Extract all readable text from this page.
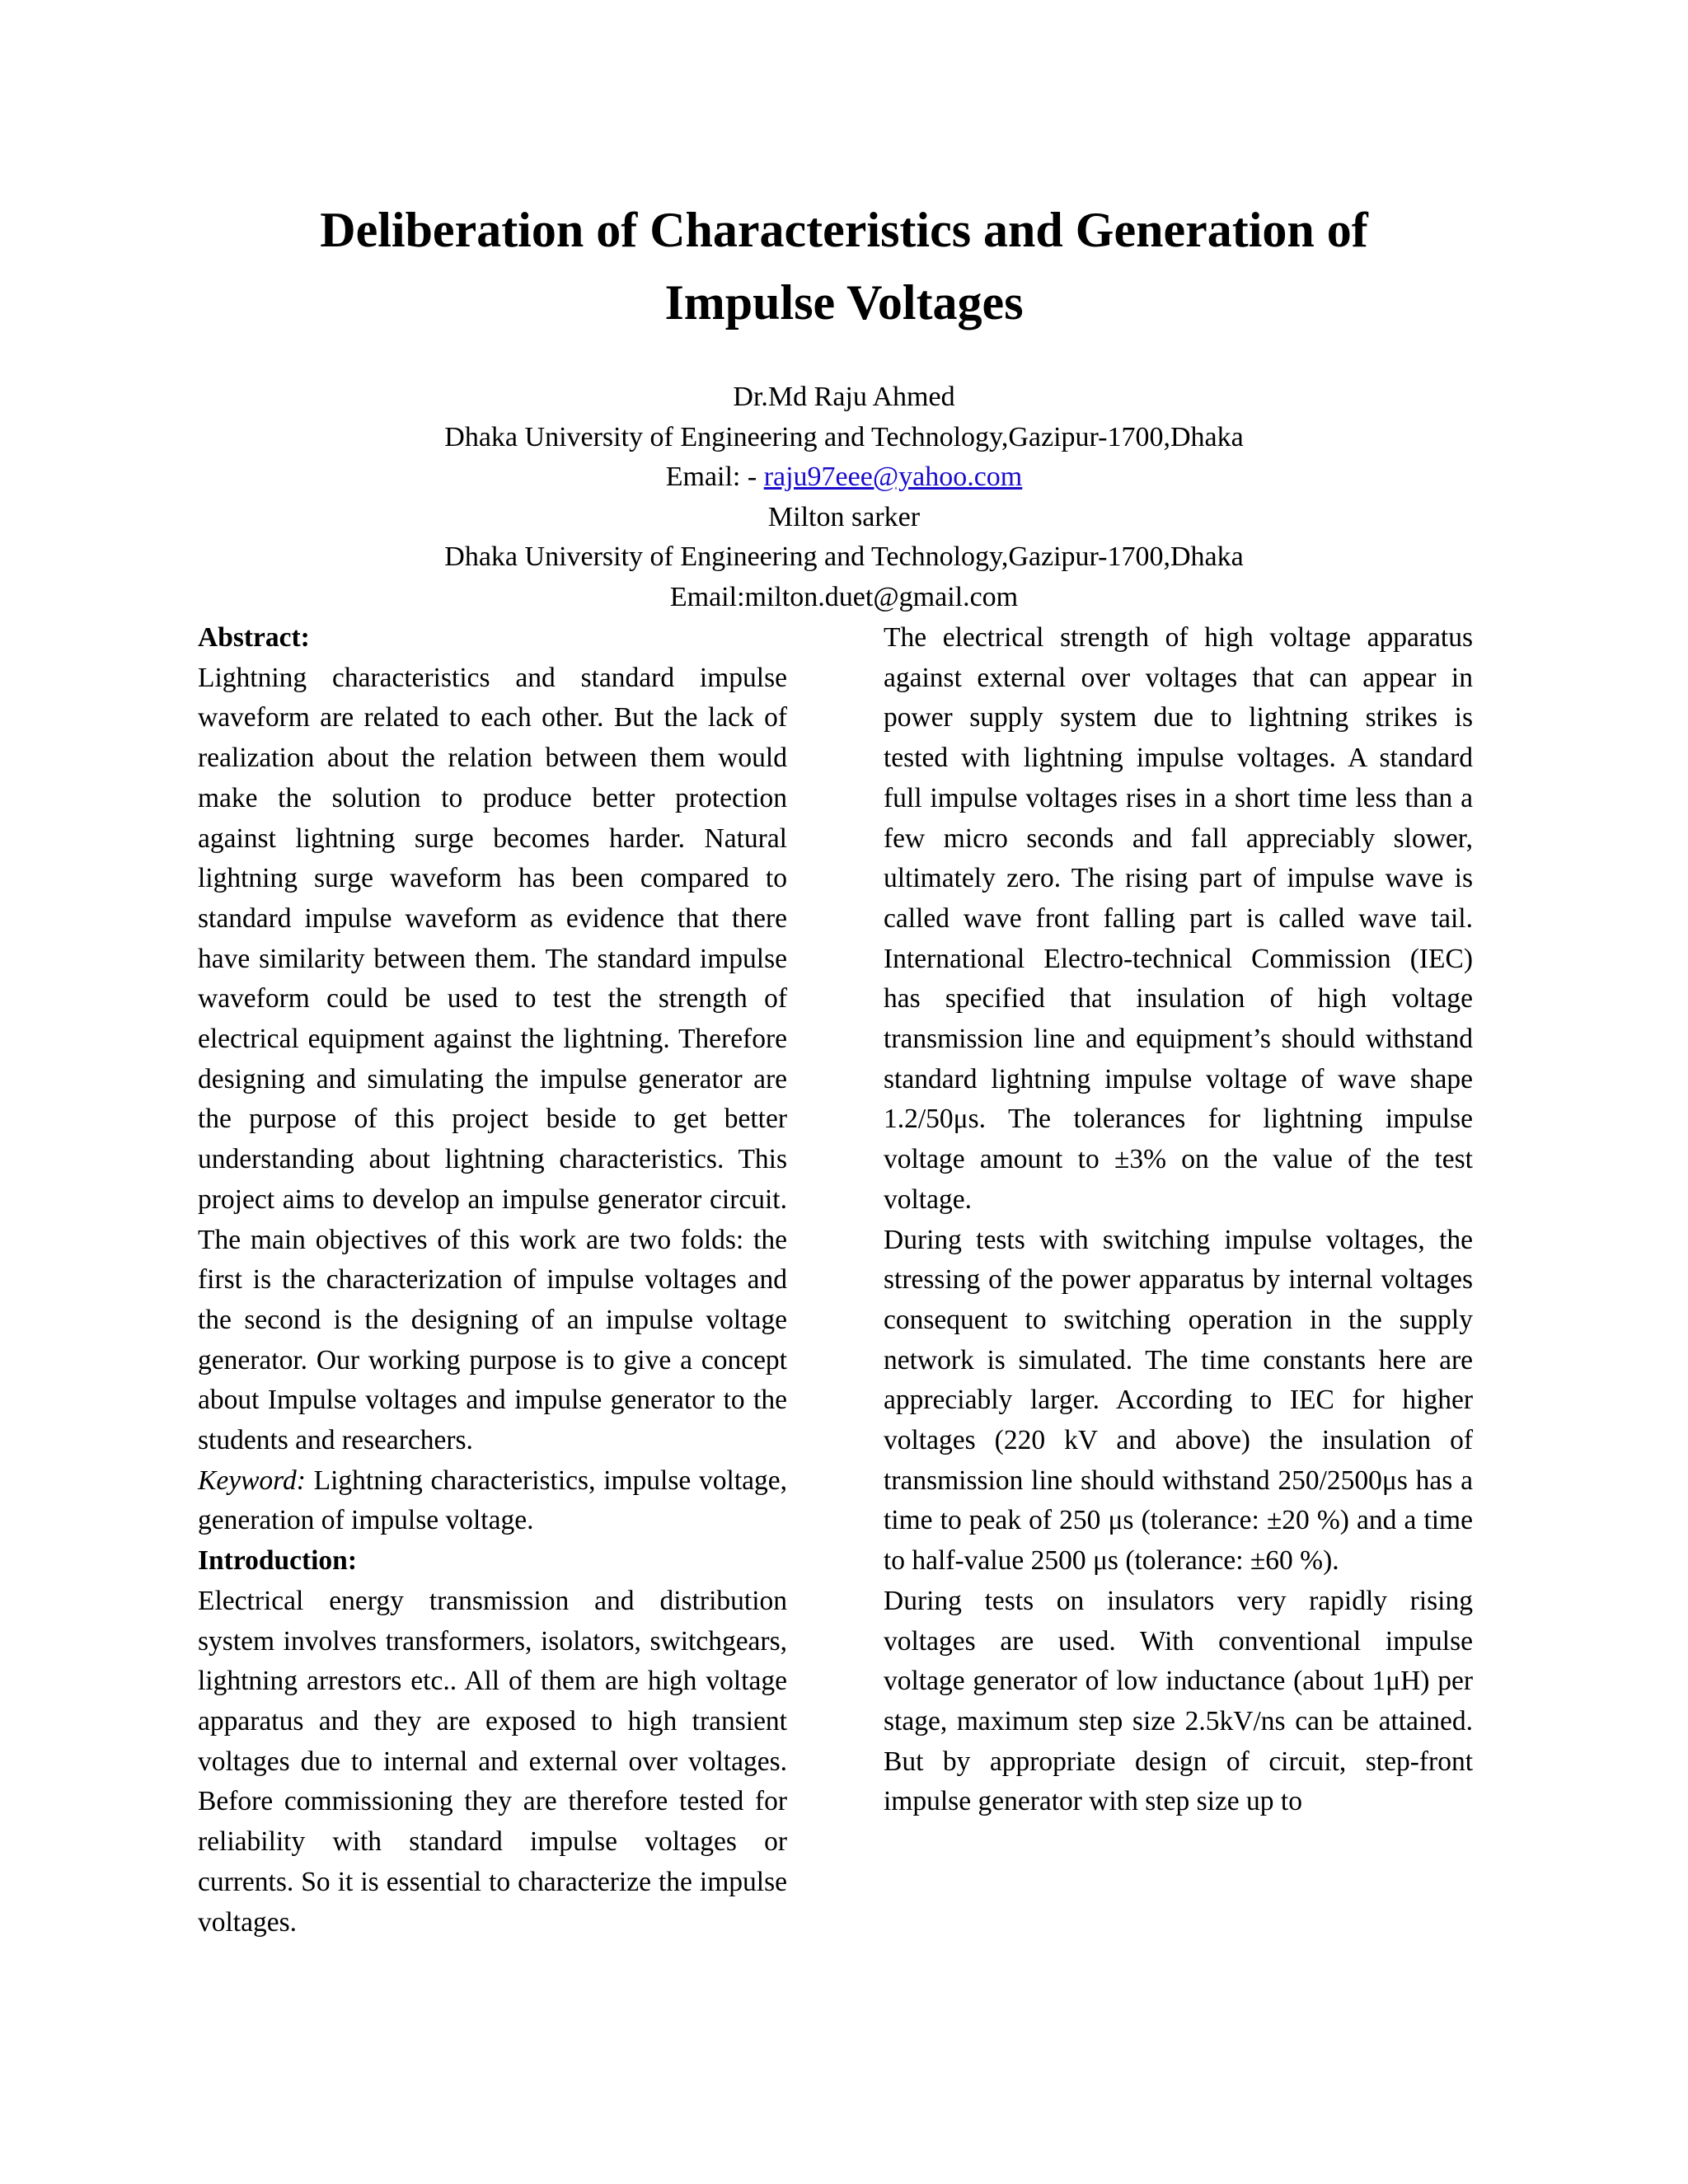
Deliberation of Characteristics and Generation of
Impulse Voltages
Dr.Md Raju Ahmed
Dhaka University of Engineering and Technology,Gazipur-1700,Dhaka
Email: - raju97eee@yahoo.com
Milton sarker
Dhaka University of Engineering and Technology,Gazipur-1700,Dhaka
Email:milton.duet@gmail.com

Abstract:

Lightning characteristics and standard impulse waveform are related to each other. But the lack of realization about the relation between them would make the solution to produce better protection against lightning surge becomes harder. Natural lightning surge waveform has been compared to standard impulse waveform as evidence that there have similarity between them. The standard impulse waveform could be used to test the strength of electrical equipment against the lightning. Therefore designing and simulating the impulse generator are the purpose of this project beside to get better understanding about lightning characteristics. This project aims to develop an impulse generator circuit. The main objectives of this work are two folds: the first is the characterization of impulse voltages and the second is the designing of an impulse voltage generator. Our working purpose is to give a concept about Impulse voltages and impulse generator to the students and researchers.

Keyword: Lightning characteristics, impulse voltage, generation of impulse voltage.

Introduction:

Electrical energy transmission and distribution system involves transformers, isolators, switchgears, lightning arrestors etc.. All of them are high voltage apparatus and they are exposed to high transient voltages due to internal and external over voltages. Before commissioning they are therefore tested for reliability with standard impulse voltages or currents. So it is essential to characterize the impulse voltages.

The electrical strength of high voltage apparatus against external over voltages that can appear in power supply system due to lightning strikes is tested with lightning impulse voltages. A standard full impulse voltages rises in a short time less than a few micro seconds and fall appreciably slower, ultimately zero. The rising part of impulse wave is called wave front falling part is called wave tail. International Electro-technical Commission (IEC) has specified that insulation of high voltage transmission line and equipment’s should withstand standard lightning impulse voltage of wave shape 1.2/50μs. The tolerances for lightning impulse voltage amount to ±3% on the value of the test voltage.

During tests with switching impulse voltages, the stressing of the power apparatus by internal voltages consequent to switching operation in the supply network is simulated. The time constants here are appreciably larger. According to IEC for higher voltages (220 kV and above) the insulation of transmission line should withstand 250/2500μs has a time to peak of 250 μs (tolerance: ±20 %) and a time to half-value 2500 μs (tolerance: ±60 %).

During tests on insulators very rapidly rising voltages are used. With conventional impulse voltage generator of low inductance (about 1μH) per stage, maximum step size 2.5kV/ns can be attained. But by appropriate design of circuit, step-front impulse generator with step size up to
